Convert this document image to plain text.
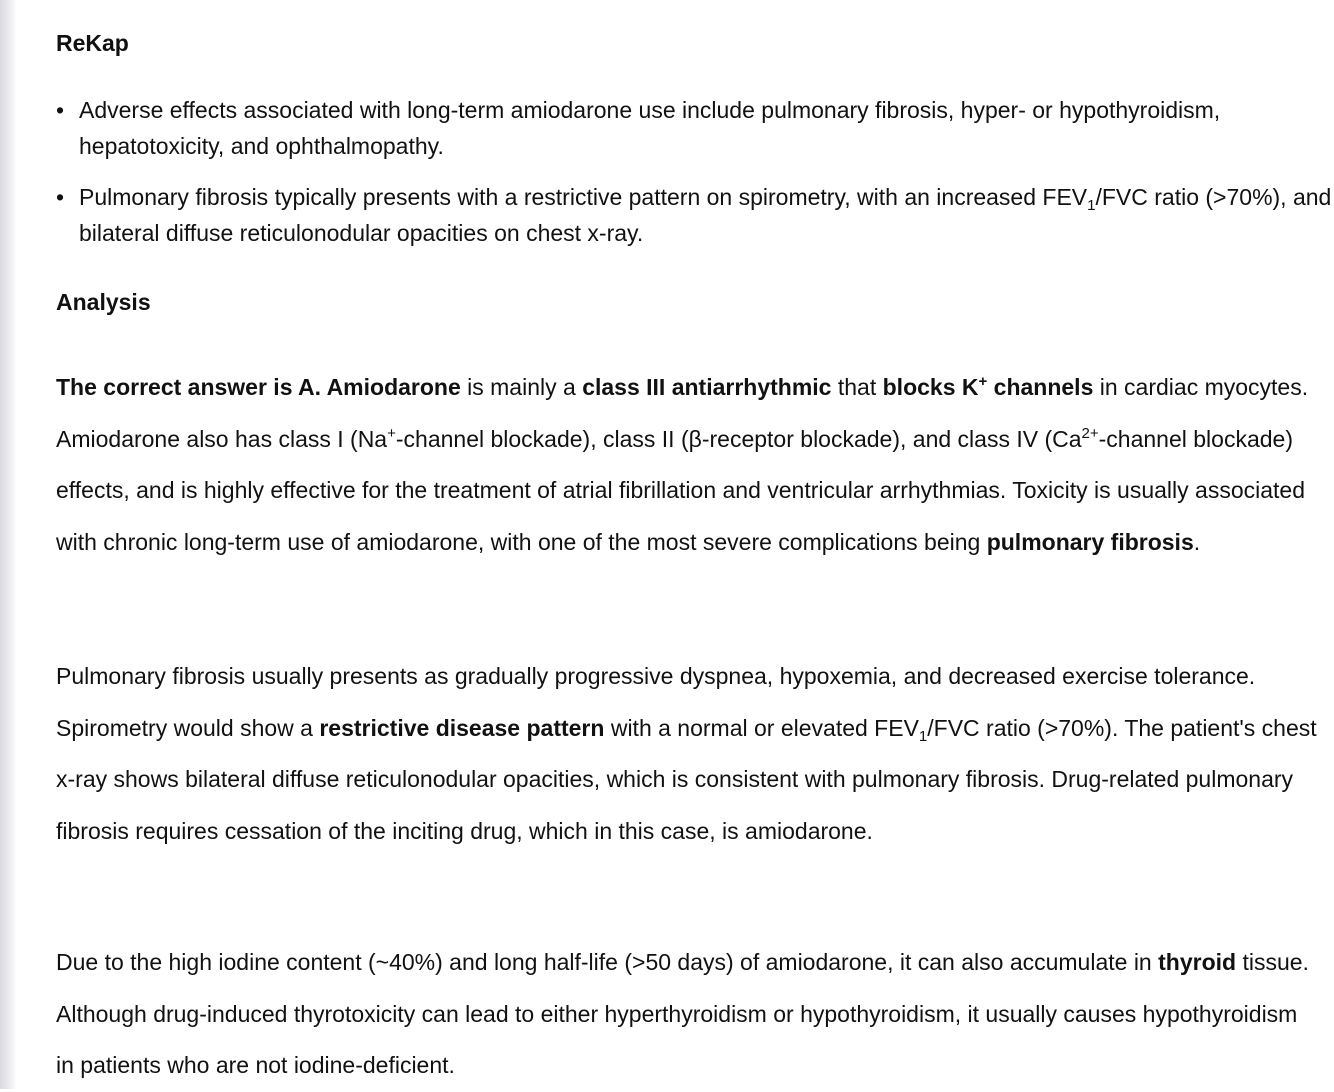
ReKap
• Adverse effects associated with long-term amiodarone use include pulmonary fibrosis, hyper- or hypothyroidism, hepatotoxicity, and ophthalmopathy.
• Pulmonary fibrosis typically presents with a restrictive pattern on spirometry, with an increased $FEV_1$/FVC ratio (>70%), and bilateral diffuse reticulonodular opacities on chest x-ray.
Analysis

The correct answer is A. Amiodarone is mainly a class III antiarrhythmic that blocks K+ channels in cardiac myocytes. Amiodarone also has class I (Na+-channel blockade), class II (β-receptor blockade), and class IV ($Ca^{2+}$-channel blockade) effects, and is highly effective for the treatment of atrial fibrillation and ventricular arrhythmias. Toxicity is usually associated with chronic long-term use of amiodarone, with one of the most severe complications being pulmonary fibrosis.

Pulmonary fibrosis usually presents as gradually progressive dyspnea, hypoxemia, and decreased exercise tolerance. Spirometry would show a restrictive disease pattern with a normal or elevated $FEV_1$/FVC ratio (>70%). The patient's chest x-ray shows bilateral diffuse reticulonodular opacities, which is consistent with pulmonary fibrosis. Drug-related pulmonary fibrosis requires cessation of the inciting drug, which in this case, is amiodarone.

Due to the high iodine content (~40%) and long half-life (>50 days) of amiodarone, it can also accumulate in thyroid tissue. Although drug-induced thyrotoxicity can lead to either hyperthyroidism or hypothyroidism, it usually causes hypothyroidism in patients who are not iodine-deficient.
